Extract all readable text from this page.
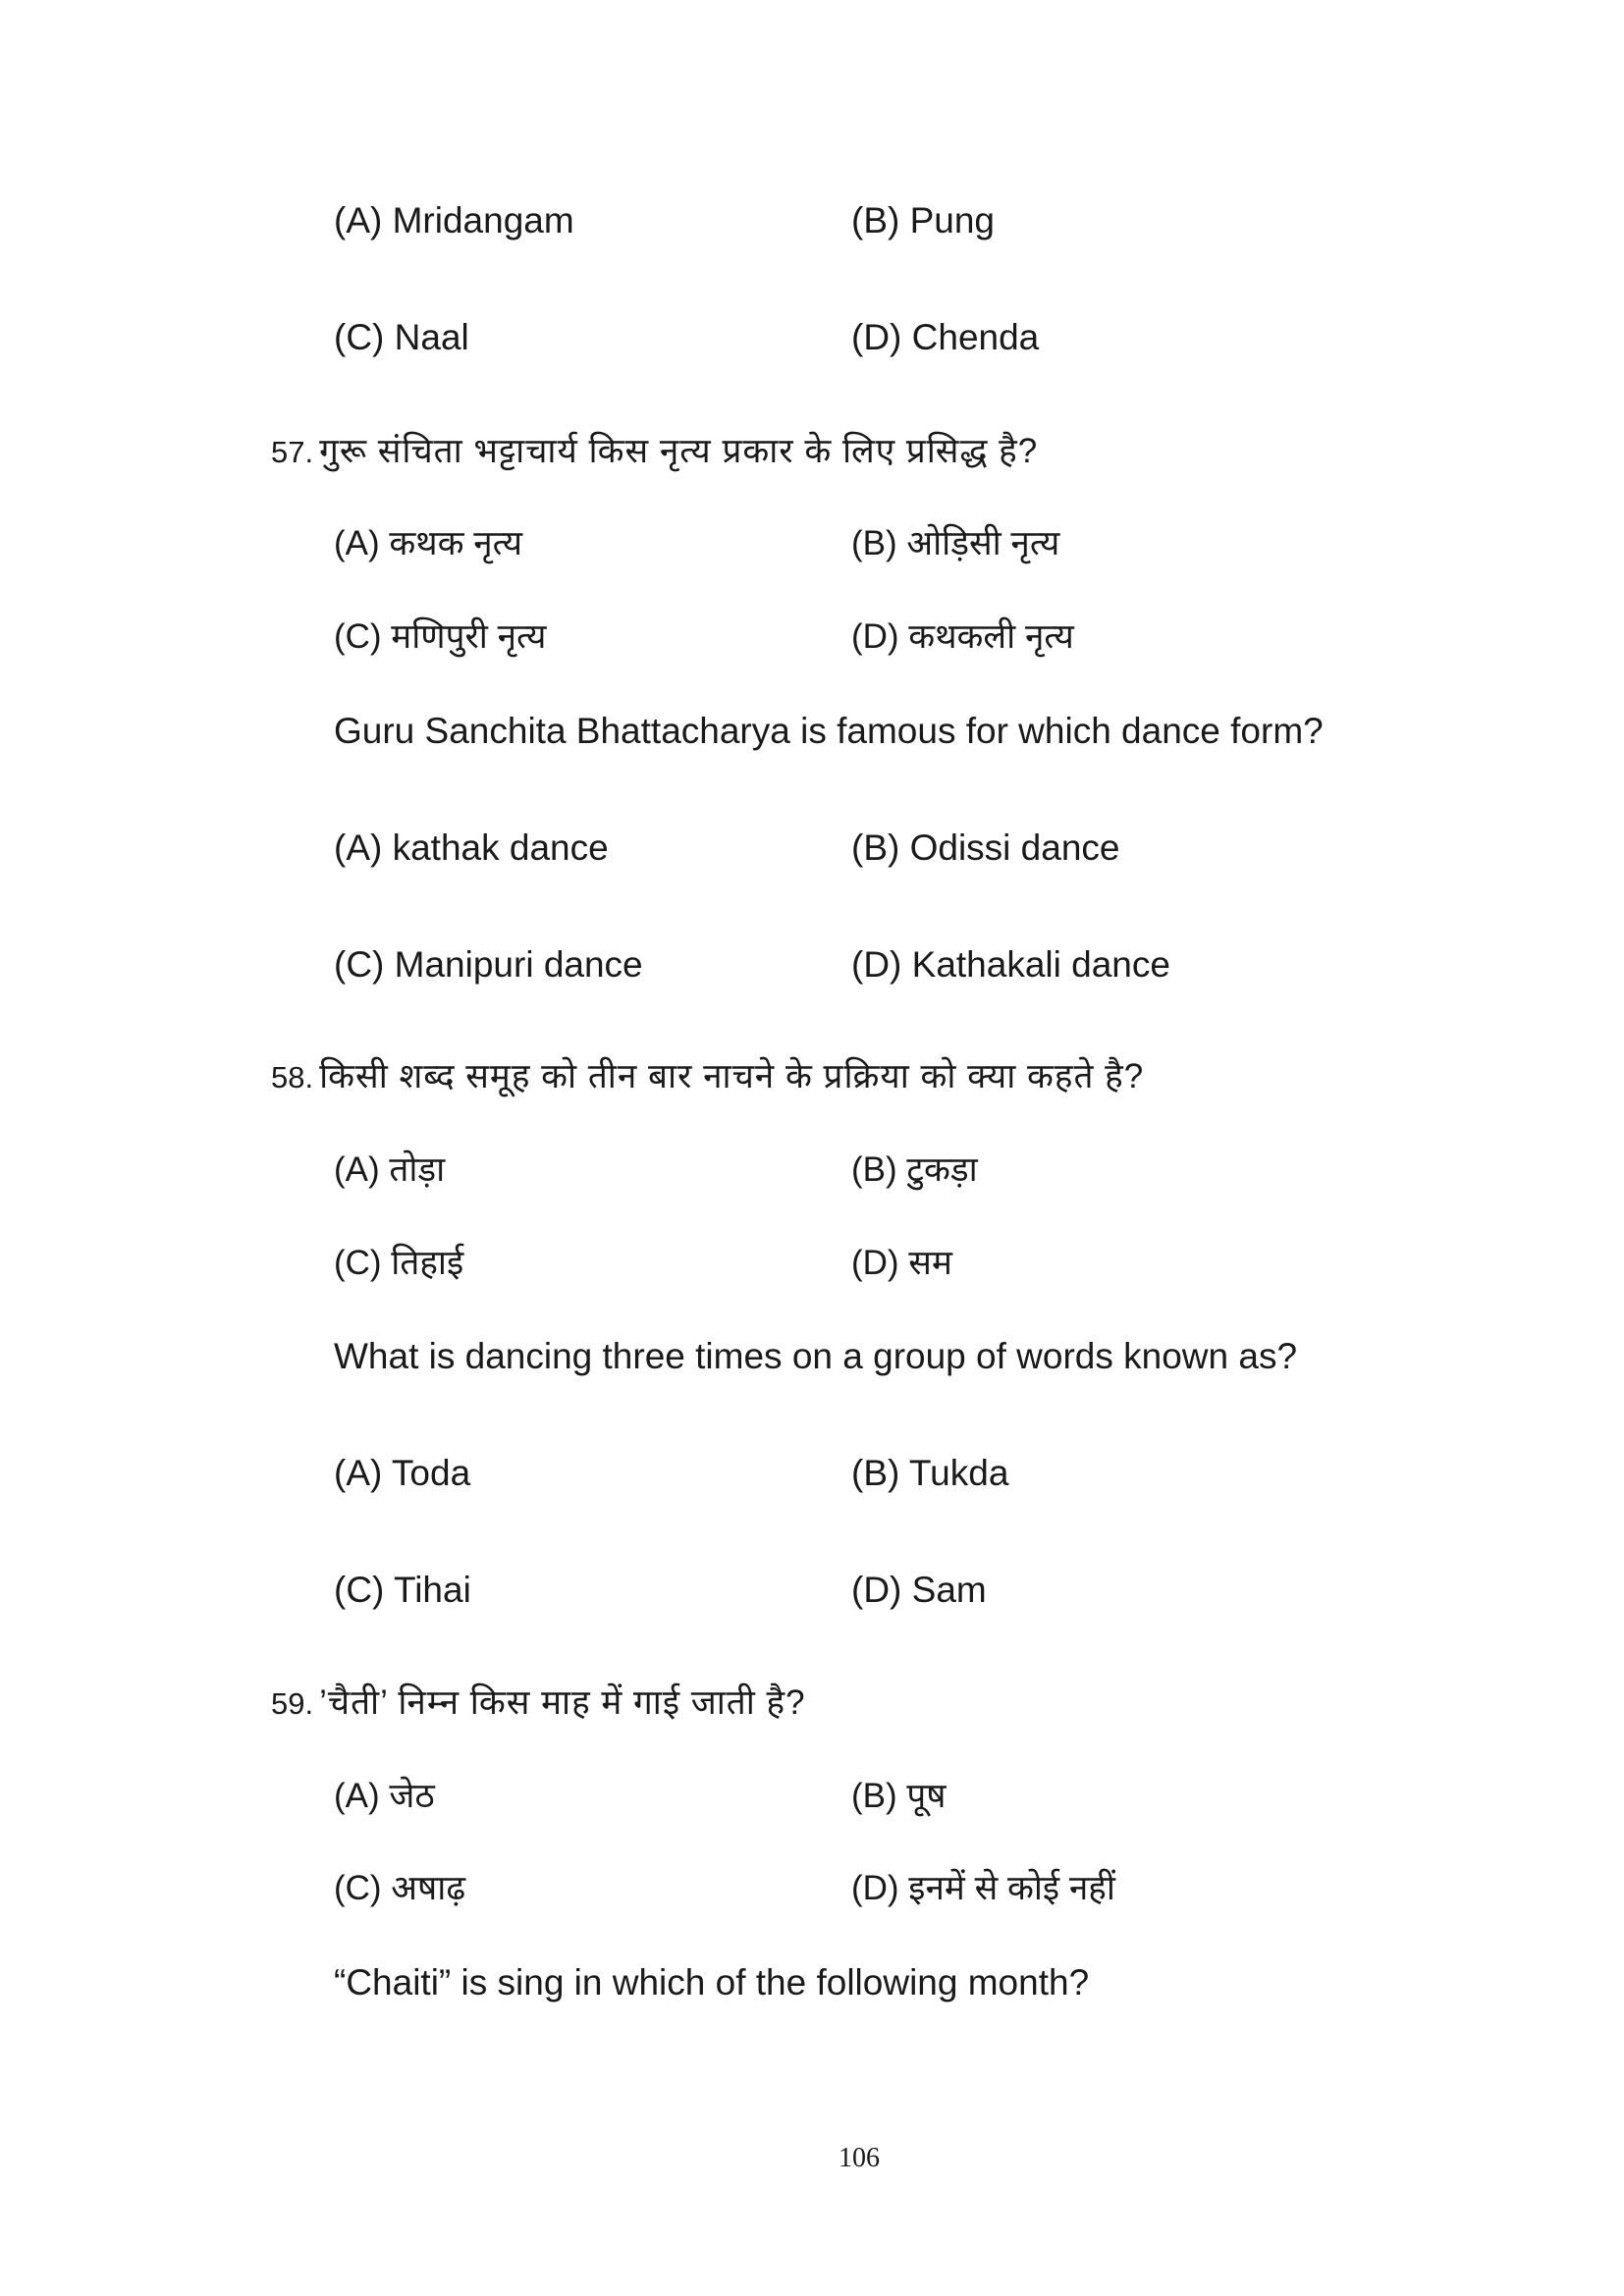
(A) Mridangam	(B) Pung
(C) Naal	(D) Chenda
57. गुरू संचिता भट्टाचार्य किस नृत्य प्रकार के लिए प्रसिद्ध है?
(A) कथक नृत्य	(B) ओड़िसी नृत्य
(C) मणिपुरी नृत्य	(D) कथकली नृत्य
Guru Sanchita Bhattacharya is famous for which dance form?
(A) kathak dance	(B) Odissi dance
(C) Manipuri dance	(D) Kathakali dance
58. किसी शब्द समूह को तीन बार नाचने के प्रक्रिया को क्या कहते है?
(A) तोड़ा	(B) टुकड़ा
(C) तिहाई	(D) सम
What is dancing three times on a group of words known as?
(A) Toda	(B) Tukda
(C) Tihai	(D) Sam
59. ’चैती’ निम्न किस माह में गाई जाती है?
(A) जेठ	(B) पूष
(C) अषाढ़	(D) इनमें से कोई नहीं
“Chaiti” is sing in which of the following month?
106
